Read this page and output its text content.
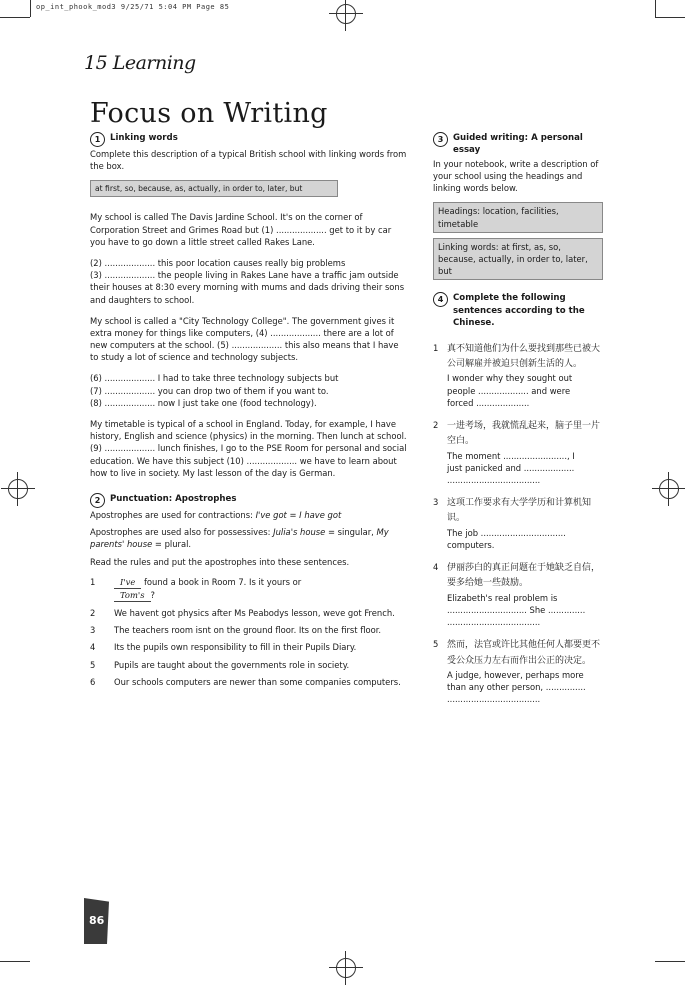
op_int_phook_mod3 9/25/71 5:04 PM Page 85
15 Learning
Focus on Writing
1	Linking words

Complete this description of a typical British school with linking words from the box.

at first, so, because, as, actually, in order to, later, but

My school is called The Davis Jardine School. It's on the corner of Corporation Street and Grimes Road but (1) ................... get to it by car you have to go down a little street called Rakes Lane.

(2) ................... this poor location causes really big problems

(3) ................... the people living in Rakes Lane have a traffic jam outside their houses at 8:30 every morning with mums and dads driving their sons and daughters to school.

My school is called a "City Technology College". The government gives it extra money for things like computers, (4) ................... there are a lot of new computers at the school. (5) ................... this also means that I have to study a lot of science and technology subjects.

(6) ................... I had to take three technology subjects but

(7) ................... you can drop two of them if you want to.

(8) ................... now I just take one (food technology).

My timetable is typical of a school in England. Today, for example, I have history, English and science (physics) in the morning. Then lunch at school. (9) ................... lunch finishes, I go to the PSE Room for personal and social education. We have this subject (10) ................... we have to learn about how to live in society. My last lesson of the day is German.

2	Punctuation: Apostrophes

Apostrophes are used for contractions: I've got = I have got

Apostrophes are used also for possessives: Julia's house = singular, My parents' house = plural.

Read the rules and put the apostrophes into these sentences.

1	I've found a book in Room 7. Is it yours or
Tom's ?
2	We havent got physics after Ms Peabodys lesson, weve got French.
3	The teachers room isnt on the ground floor. Its on the first floor.
4	Its the pupils own responsibility to fill in their Pupils Diary.
5	Pupils are taught about the governments role in society.
6	Our schools computers are newer than some companies computers.
3	Guided writing: A personal essay

In your notebook, write a description of your school using the headings and linking words below.

Headings: location, facilities, timetable
Linking words: at first, as, so, because, actually, in order to, later, but
4	Complete the following sentences according to the Chinese.
1 真不知道他们为什么要找到那些已被大公司解雇并被迫只创新生活的人。
I wonder why they sought out
people ................... and were
forced ....................
2 一进考场，我就慌乱起来，脑子里一片空白。
The moment ........................, I
just panicked and ...................
...................................
3 这项工作要求有大学学历和计算机知识。
The job ................................
computers.
4 伊丽莎白的真正问题在于她缺乏自信，要多给她一些鼓励。
Elizabeth's real problem is
.............................. She ..............
...................................
5 然而，法官或许比其他任何人都要更不受公众压力左右而作出公正的决定。
A judge, however, perhaps more
than any other person, ...............
...................................
86
